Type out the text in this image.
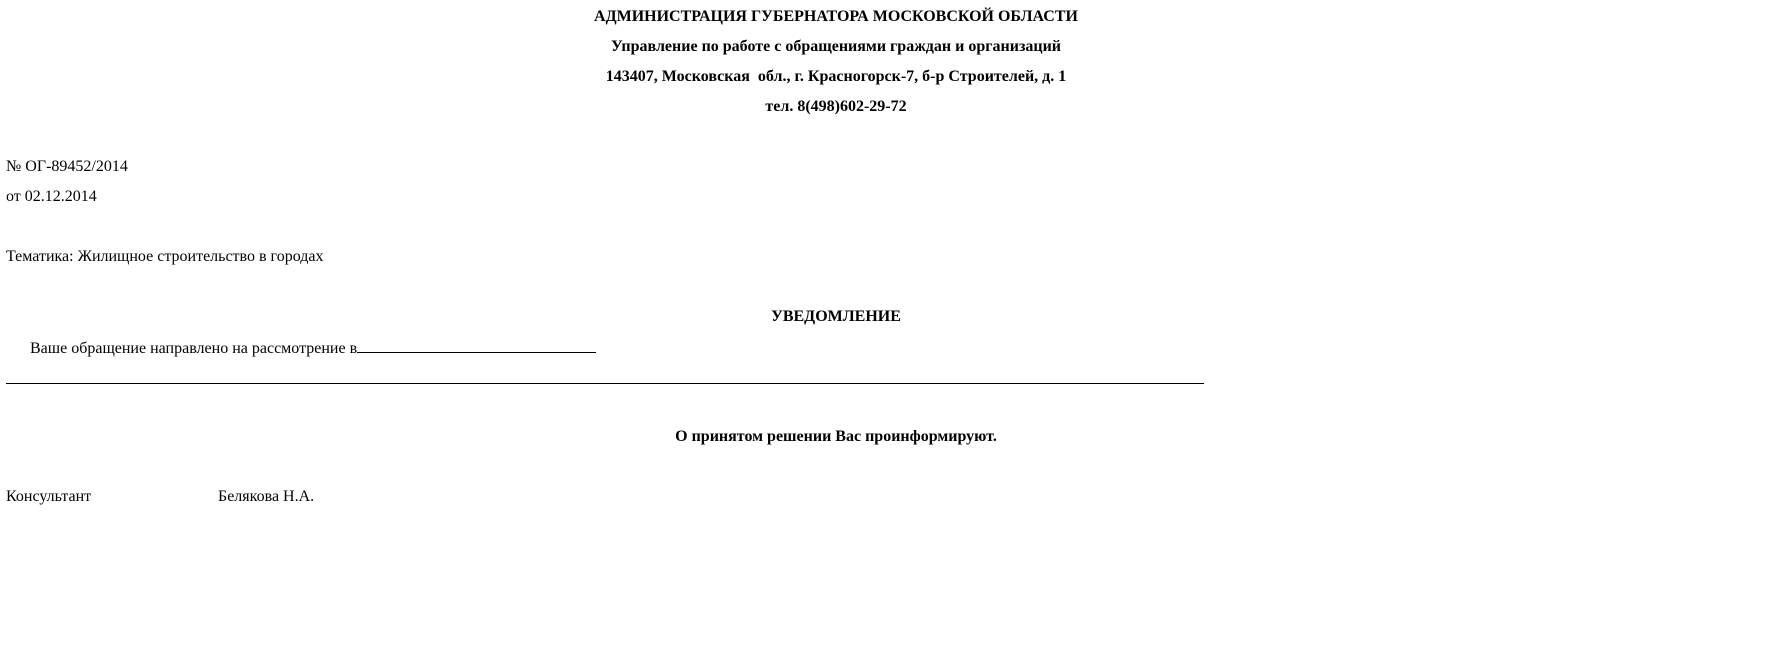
АДМИНИСТРАЦИЯ ГУБЕРНАТОРА МОСКОВСКОЙ ОБЛАСТИ
Управление по работе с обращениями граждан и организаций
143407, Московская  обл., г. Красногорск-7, б-р Строителей, д. 1
тел. 8(498)602-29-72
№ ОГ-89452/2014
от 02.12.2014
Тематика: Жилищное строительство в городах
УВЕДОМЛЕНИЕ
Ваше обращение направлено на рассмотрение в
О принятом решении Вас проинформируют.
Консультант	Белякова Н.А.
